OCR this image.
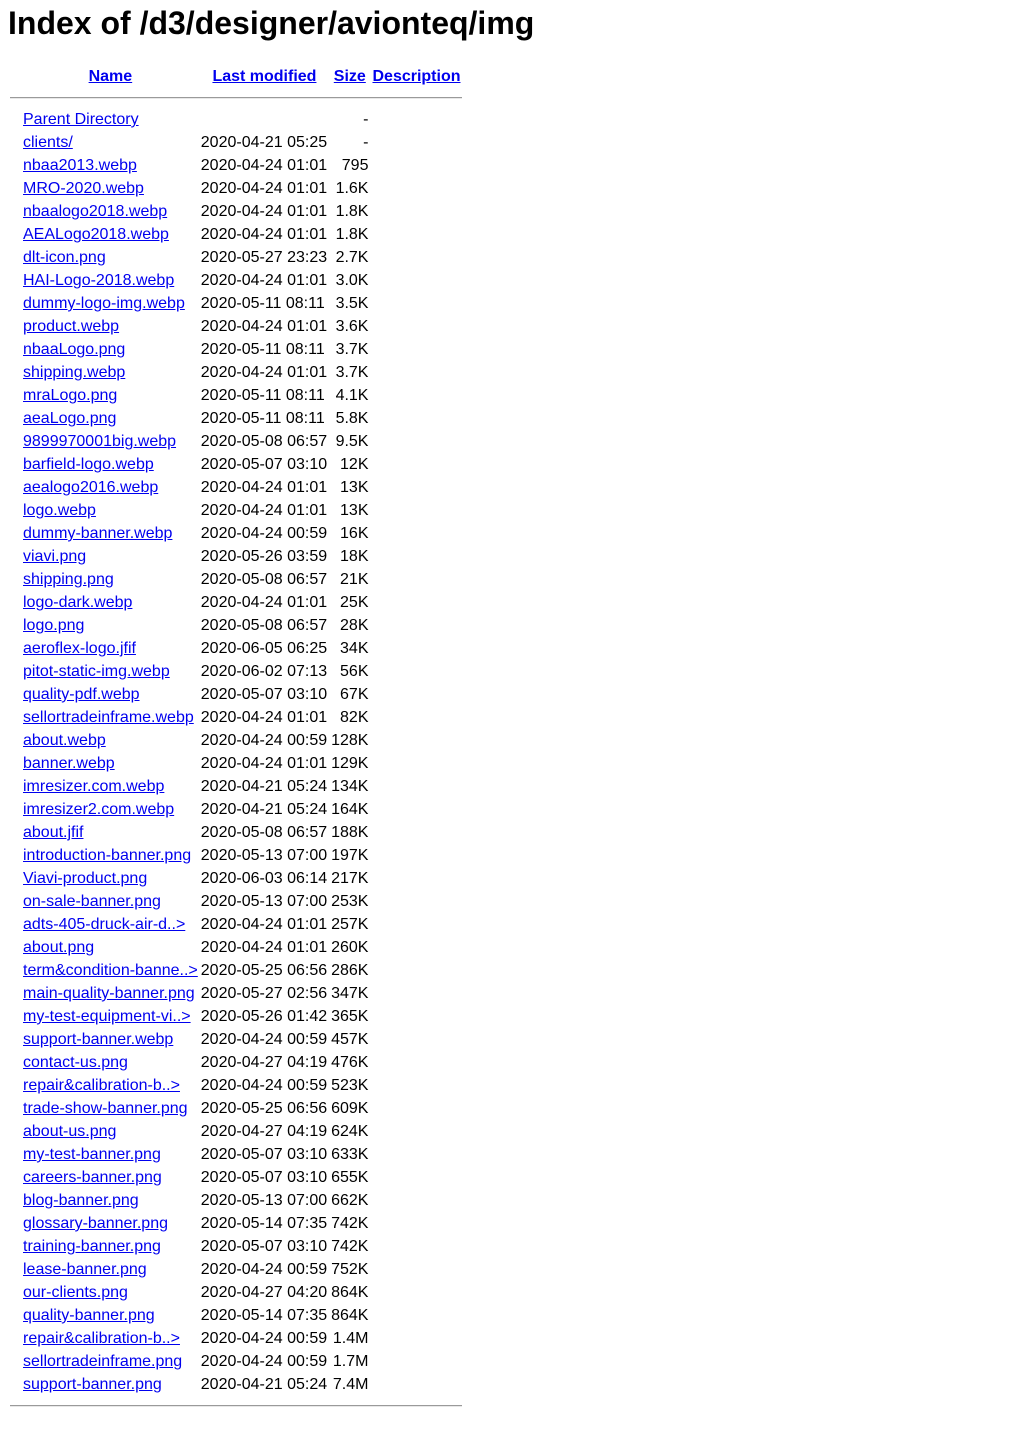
Index of /d3/designer/avionteq/img
	Name	Last modified	Size	Description

	Parent Directory		-	
	clients/	2020-04-21 05:25	-	
	nbaa2013.webp	2020-04-24 01:01	795	
	MRO-2020.webp	2020-04-24 01:01	1.6K	
	nbaalogo2018.webp	2020-04-24 01:01	1.8K	
	AEALogo2018.webp	2020-04-24 01:01	1.8K	
	dlt-icon.png	2020-05-27 23:23	2.7K	
	HAI-Logo-2018.webp	2020-04-24 01:01	3.0K	
	dummy-logo-img.webp	2020-05-11 08:11	3.5K	
	product.webp	2020-04-24 01:01	3.6K	
	nbaaLogo.png	2020-05-11 08:11	3.7K	
	shipping.webp	2020-04-24 01:01	3.7K	
	mraLogo.png	2020-05-11 08:11	4.1K	
	aeaLogo.png	2020-05-11 08:11	5.8K	
	9899970001big.webp	2020-05-08 06:57	9.5K	
	barfield-logo.webp	2020-05-07 03:10	12K	
	aealogo2016.webp	2020-04-24 01:01	13K	
	logo.webp	2020-04-24 01:01	13K	
	dummy-banner.webp	2020-04-24 00:59	16K	
	viavi.png	2020-05-26 03:59	18K	
	shipping.png	2020-05-08 06:57	21K	
	logo-dark.webp	2020-04-24 01:01	25K	
	logo.png	2020-05-08 06:57	28K	
	aeroflex-logo.jfif	2020-06-05 06:25	34K	
	pitot-static-img.webp	2020-06-02 07:13	56K	
	quality-pdf.webp	2020-05-07 03:10	67K	
	sellortradeinframe.webp	2020-04-24 01:01	82K	
	about.webp	2020-04-24 00:59	128K	
	banner.webp	2020-04-24 01:01	129K	
	imresizer.com.webp	2020-04-21 05:24	134K	
	imresizer2.com.webp	2020-04-21 05:24	164K	
	about.jfif	2020-05-08 06:57	188K	
	introduction-banner.png	2020-05-13 07:00	197K	
	Viavi-product.png	2020-06-03 06:14	217K	
	on-sale-banner.png	2020-05-13 07:00	253K	
	adts-405-druck-air-d..>	2020-04-24 01:01	257K	
	about.png	2020-04-24 01:01	260K	
	term&condition-banne..>	2020-05-25 06:56	286K	
	main-quality-banner.png	2020-05-27 02:56	347K	
	my-test-equipment-vi..>	2020-05-26 01:42	365K	
	support-banner.webp	2020-04-24 00:59	457K	
	contact-us.png	2020-04-27 04:19	476K	
	repair&calibration-b..>	2020-04-24 00:59	523K	
	trade-show-banner.png	2020-05-25 06:56	609K	
	about-us.png	2020-04-27 04:19	624K	
	my-test-banner.png	2020-05-07 03:10	633K	
	careers-banner.png	2020-05-07 03:10	655K	
	blog-banner.png	2020-05-13 07:00	662K	
	glossary-banner.png	2020-05-14 07:35	742K	
	training-banner.png	2020-05-07 03:10	742K	
	lease-banner.png	2020-04-24 00:59	752K	
	our-clients.png	2020-04-27 04:20	864K	
	quality-banner.png	2020-05-14 07:35	864K	
	repair&calibration-b..>	2020-04-24 00:59	1.4M	
	sellortradeinframe.png	2020-04-24 00:59	1.7M	
	support-banner.png	2020-04-21 05:24	7.4M	
